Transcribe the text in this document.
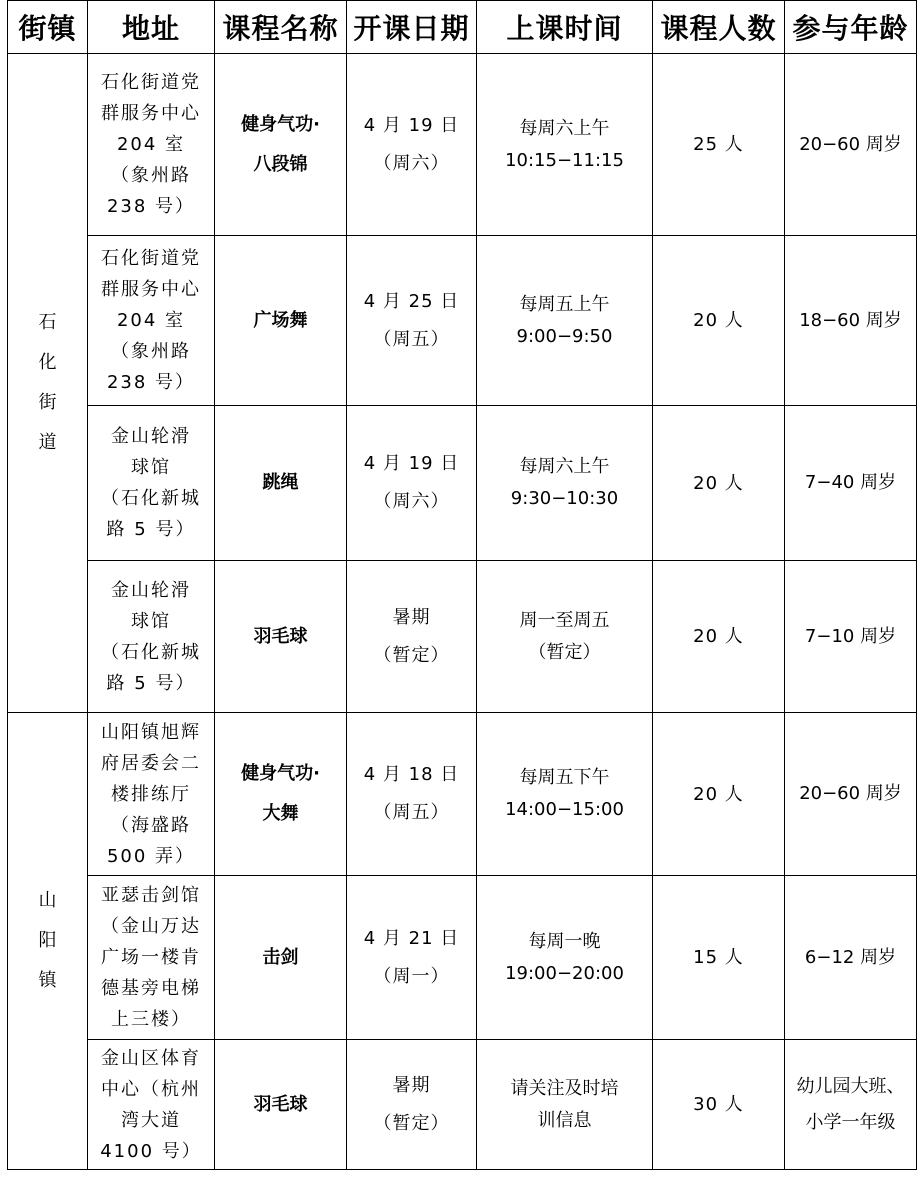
街镇	地址	课程名称	开课日期	上课时间	课程人数	参与年龄
石
化
街
道	石化街道党
群服务中心
204 室
（象州路
238 号）	健身气功·
八段锦	4 月 19 日
（周六）	每周六上午
10:15−11:15	25 人	20−60 周岁
	石化街道党
群服务中心
204 室
（象州路
238 号）	广场舞	4 月 25 日
（周五）	每周五上午
9:00−9:50	20 人	18−60 周岁
	金山轮滑
球馆
（石化新城
路 5 号）	跳绳	4 月 19 日
（周六）	每周六上午
9:30−10:30	20 人	7−40 周岁
	金山轮滑
球馆
（石化新城
路 5 号）	羽毛球	暑期
（暂定）	周一至周五
（暂定）	20 人	7−10 周岁
山
阳
镇	山阳镇旭辉
府居委会二
楼排练厅
（海盛路
500 弄）	健身气功·
大舞	4 月 18 日
（周五）	每周五下午
14:00−15:00	20 人	20−60 周岁
	亚瑟击剑馆
（金山万达
广场一楼肯
德基旁电梯
上三楼）	击剑	4 月 21 日
（周一）	每周一晚
19:00−20:00	15 人	6−12 周岁
	金山区体育
中心（杭州
湾大道
4100 号）	羽毛球	暑期
（暂定）	请关注及时培
训信息	30 人	幼儿园大班、
小学一年级
